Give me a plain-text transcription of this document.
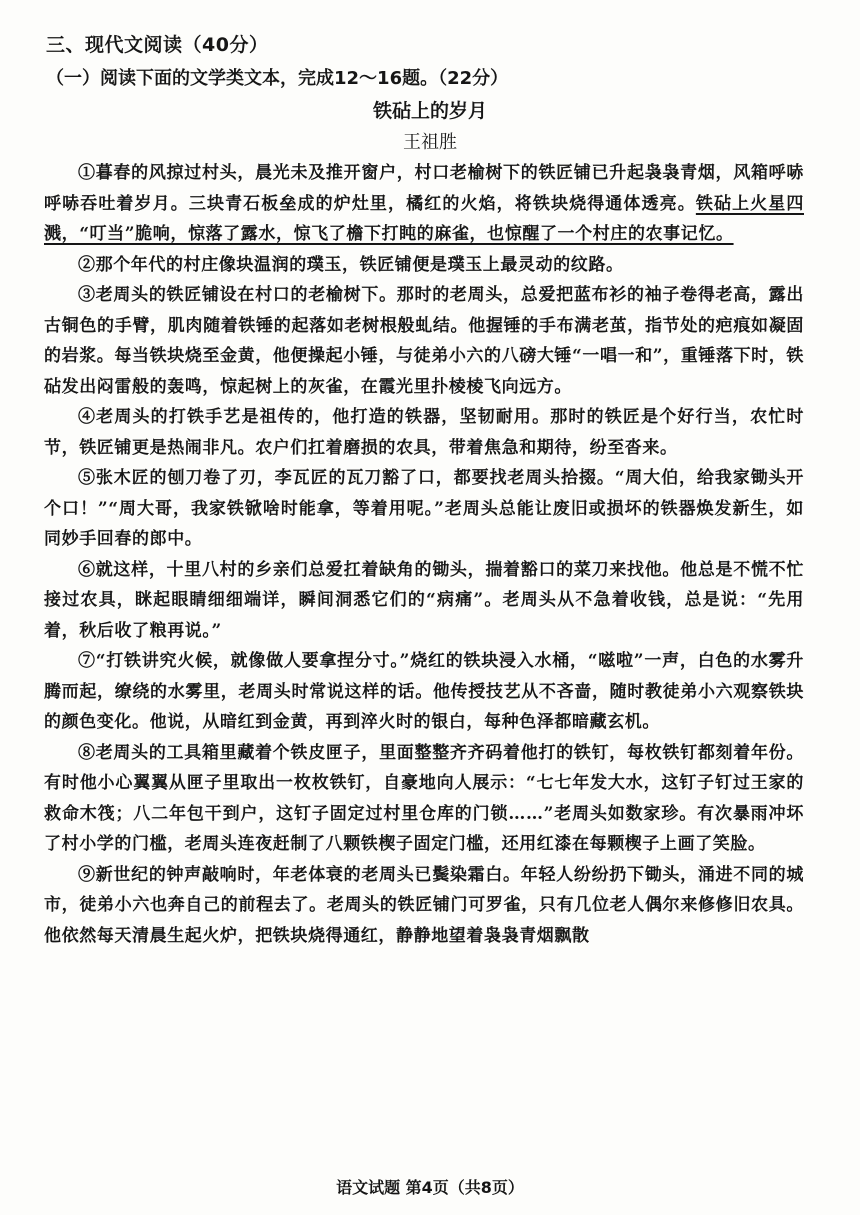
三、现代文阅读（40分）
（一）阅读下面的文学类文本，完成12～16题。（22分）
铁砧上的岁月
王祖胜

①暮春的风掠过村头，晨光未及推开窗户，村口老榆树下的铁匠铺已升起袅袅青烟，风箱呼哧呼哧吞吐着岁月。三块青石板垒成的炉灶里，橘红的火焰，将铁块烧得通体透亮。铁砧上火星四溅，“叮当”脆响，惊落了露水，惊飞了檐下打盹的麻雀，也惊醒了一个村庄的农事记忆。

②那个年代的村庄像块温润的璞玉，铁匠铺便是璞玉上最灵动的纹路。

③老周头的铁匠铺设在村口的老榆树下。那时的老周头，总爱把蓝布衫的袖子卷得老高，露出古铜色的手臂，肌肉随着铁锤的起落如老树根般虬结。他握锤的手布满老茧，指节处的疤痕如凝固的岩浆。每当铁块烧至金黄，他便操起小锤，与徒弟小六的八磅大锤“一唱一和”，重锤落下时，铁砧发出闷雷般的轰鸣，惊起树上的灰雀，在霞光里扑棱棱飞向远方。

④老周头的打铁手艺是祖传的，他打造的铁器，坚韧耐用。那时的铁匠是个好行当，农忙时节，铁匠铺更是热闹非凡。农户们扛着磨损的农具，带着焦急和期待，纷至沓来。

⑤张木匠的刨刀卷了刃，李瓦匠的瓦刀豁了口，都要找老周头拾掇。“周大伯，给我家锄头开个口！”“周大哥，我家铁锨啥时能拿，等着用呢。”老周头总能让废旧或损坏的铁器焕发新生，如同妙手回春的郎中。

⑥就这样，十里八村的乡亲们总爱扛着缺角的锄头，揣着豁口的菜刀来找他。他总是不慌不忙接过农具，眯起眼睛细细端详，瞬间洞悉它们的“病痛”。老周头从不急着收钱，总是说：“先用着，秋后收了粮再说。”

⑦“打铁讲究火候，就像做人要拿捏分寸。”烧红的铁块浸入水桶，“嗞啦”一声，白色的水雾升腾而起，缭绕的水雾里，老周头时常说这样的话。他传授技艺从不吝啬，随时教徒弟小六观察铁块的颜色变化。他说，从暗红到金黄，再到淬火时的银白，每种色泽都暗藏玄机。

⑧老周头的工具箱里藏着个铁皮匣子，里面整整齐齐码着他打的铁钉，每枚铁钉都刻着年份。有时他小心翼翼从匣子里取出一枚枚铁钉，自豪地向人展示：“七七年发大水，这钉子钉过王家的救命木筏；八二年包干到户，这钉子固定过村里仓库的门锁……”老周头如数家珍。有次暴雨冲坏了村小学的门槛，老周头连夜赶制了八颗铁楔子固定门槛，还用红漆在每颗楔子上画了笑脸。

⑨新世纪的钟声敲响时，年老体衰的老周头已鬓染霜白。年轻人纷纷扔下锄头，涌进不同的城市，徒弟小六也奔自己的前程去了。老周头的铁匠铺门可罗雀，只有几位老人偶尔来修修旧农具。他依然每天清晨生起火炉，把铁块烧得通红，静静地望着袅袅青烟飘散

语文试题 第4页（共8页）
